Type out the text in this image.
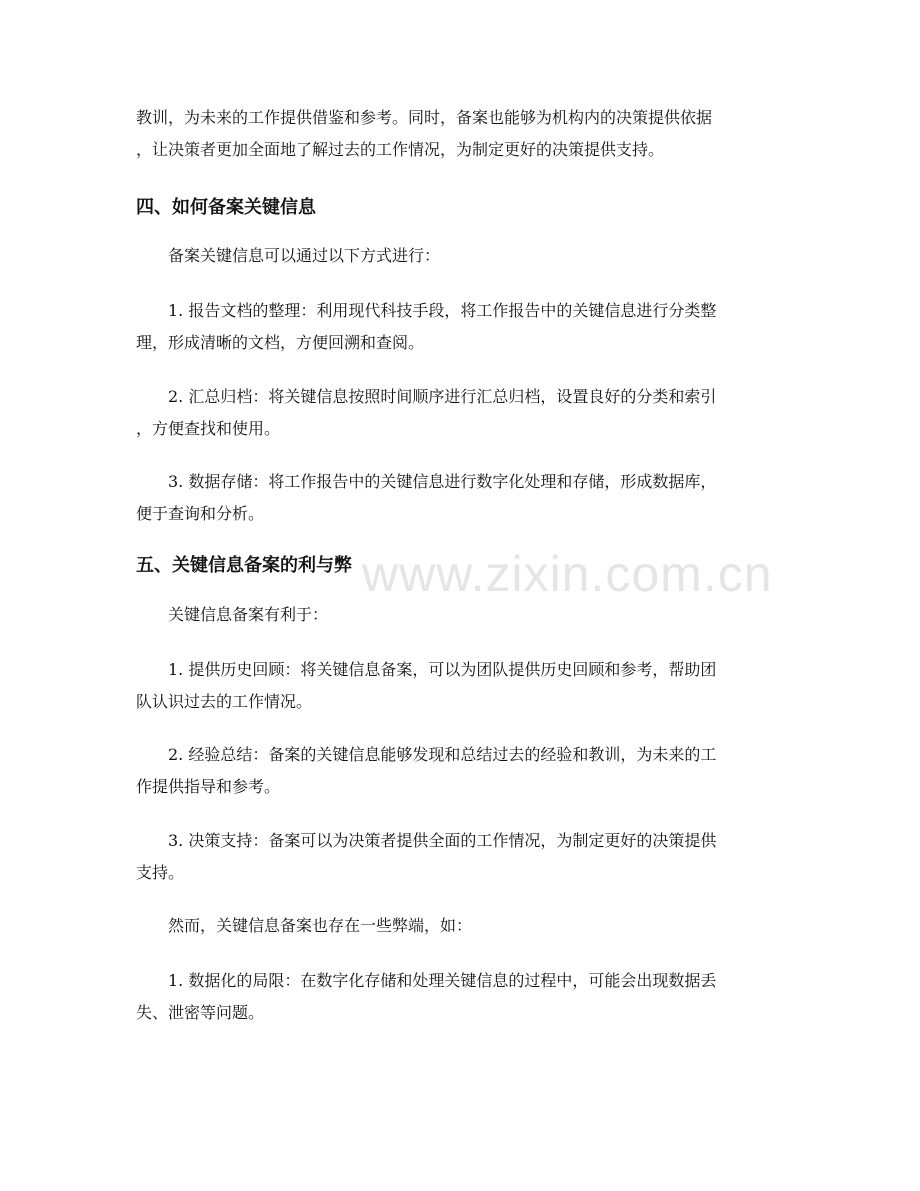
教训，为未来的工作提供借鉴和参考。同时，备案也能够为机构内的决策提供依据
，让决策者更加全面地了解过去的工作情况，为制定更好的决策提供支持。

四、如何备案关键信息

备案关键信息可以通过以下方式进行：

1. 报告文档的整理：利用现代科技手段，将工作报告中的关键信息进行分类整
理，形成清晰的文档，方便回溯和查阅。

2. 汇总归档：将关键信息按照时间顺序进行汇总归档，设置良好的分类和索引
，方便查找和使用。

3. 数据存储：将工作报告中的关键信息进行数字化处理和存储，形成数据库，
便于查询和分析。

五、关键信息备案的利与弊

关键信息备案有利于：

1. 提供历史回顾：将关键信息备案，可以为团队提供历史回顾和参考，帮助团
队认识过去的工作情况。

2. 经验总结：备案的关键信息能够发现和总结过去的经验和教训，为未来的工
作提供指导和参考。

3. 决策支持：备案可以为决策者提供全面的工作情况，为制定更好的决策提供
支持。

然而，关键信息备案也存在一些弊端，如：

1. 数据化的局限：在数字化存储和处理关键信息的过程中，可能会出现数据丢
失、泄密等问题。

www.zixin.com.cn
